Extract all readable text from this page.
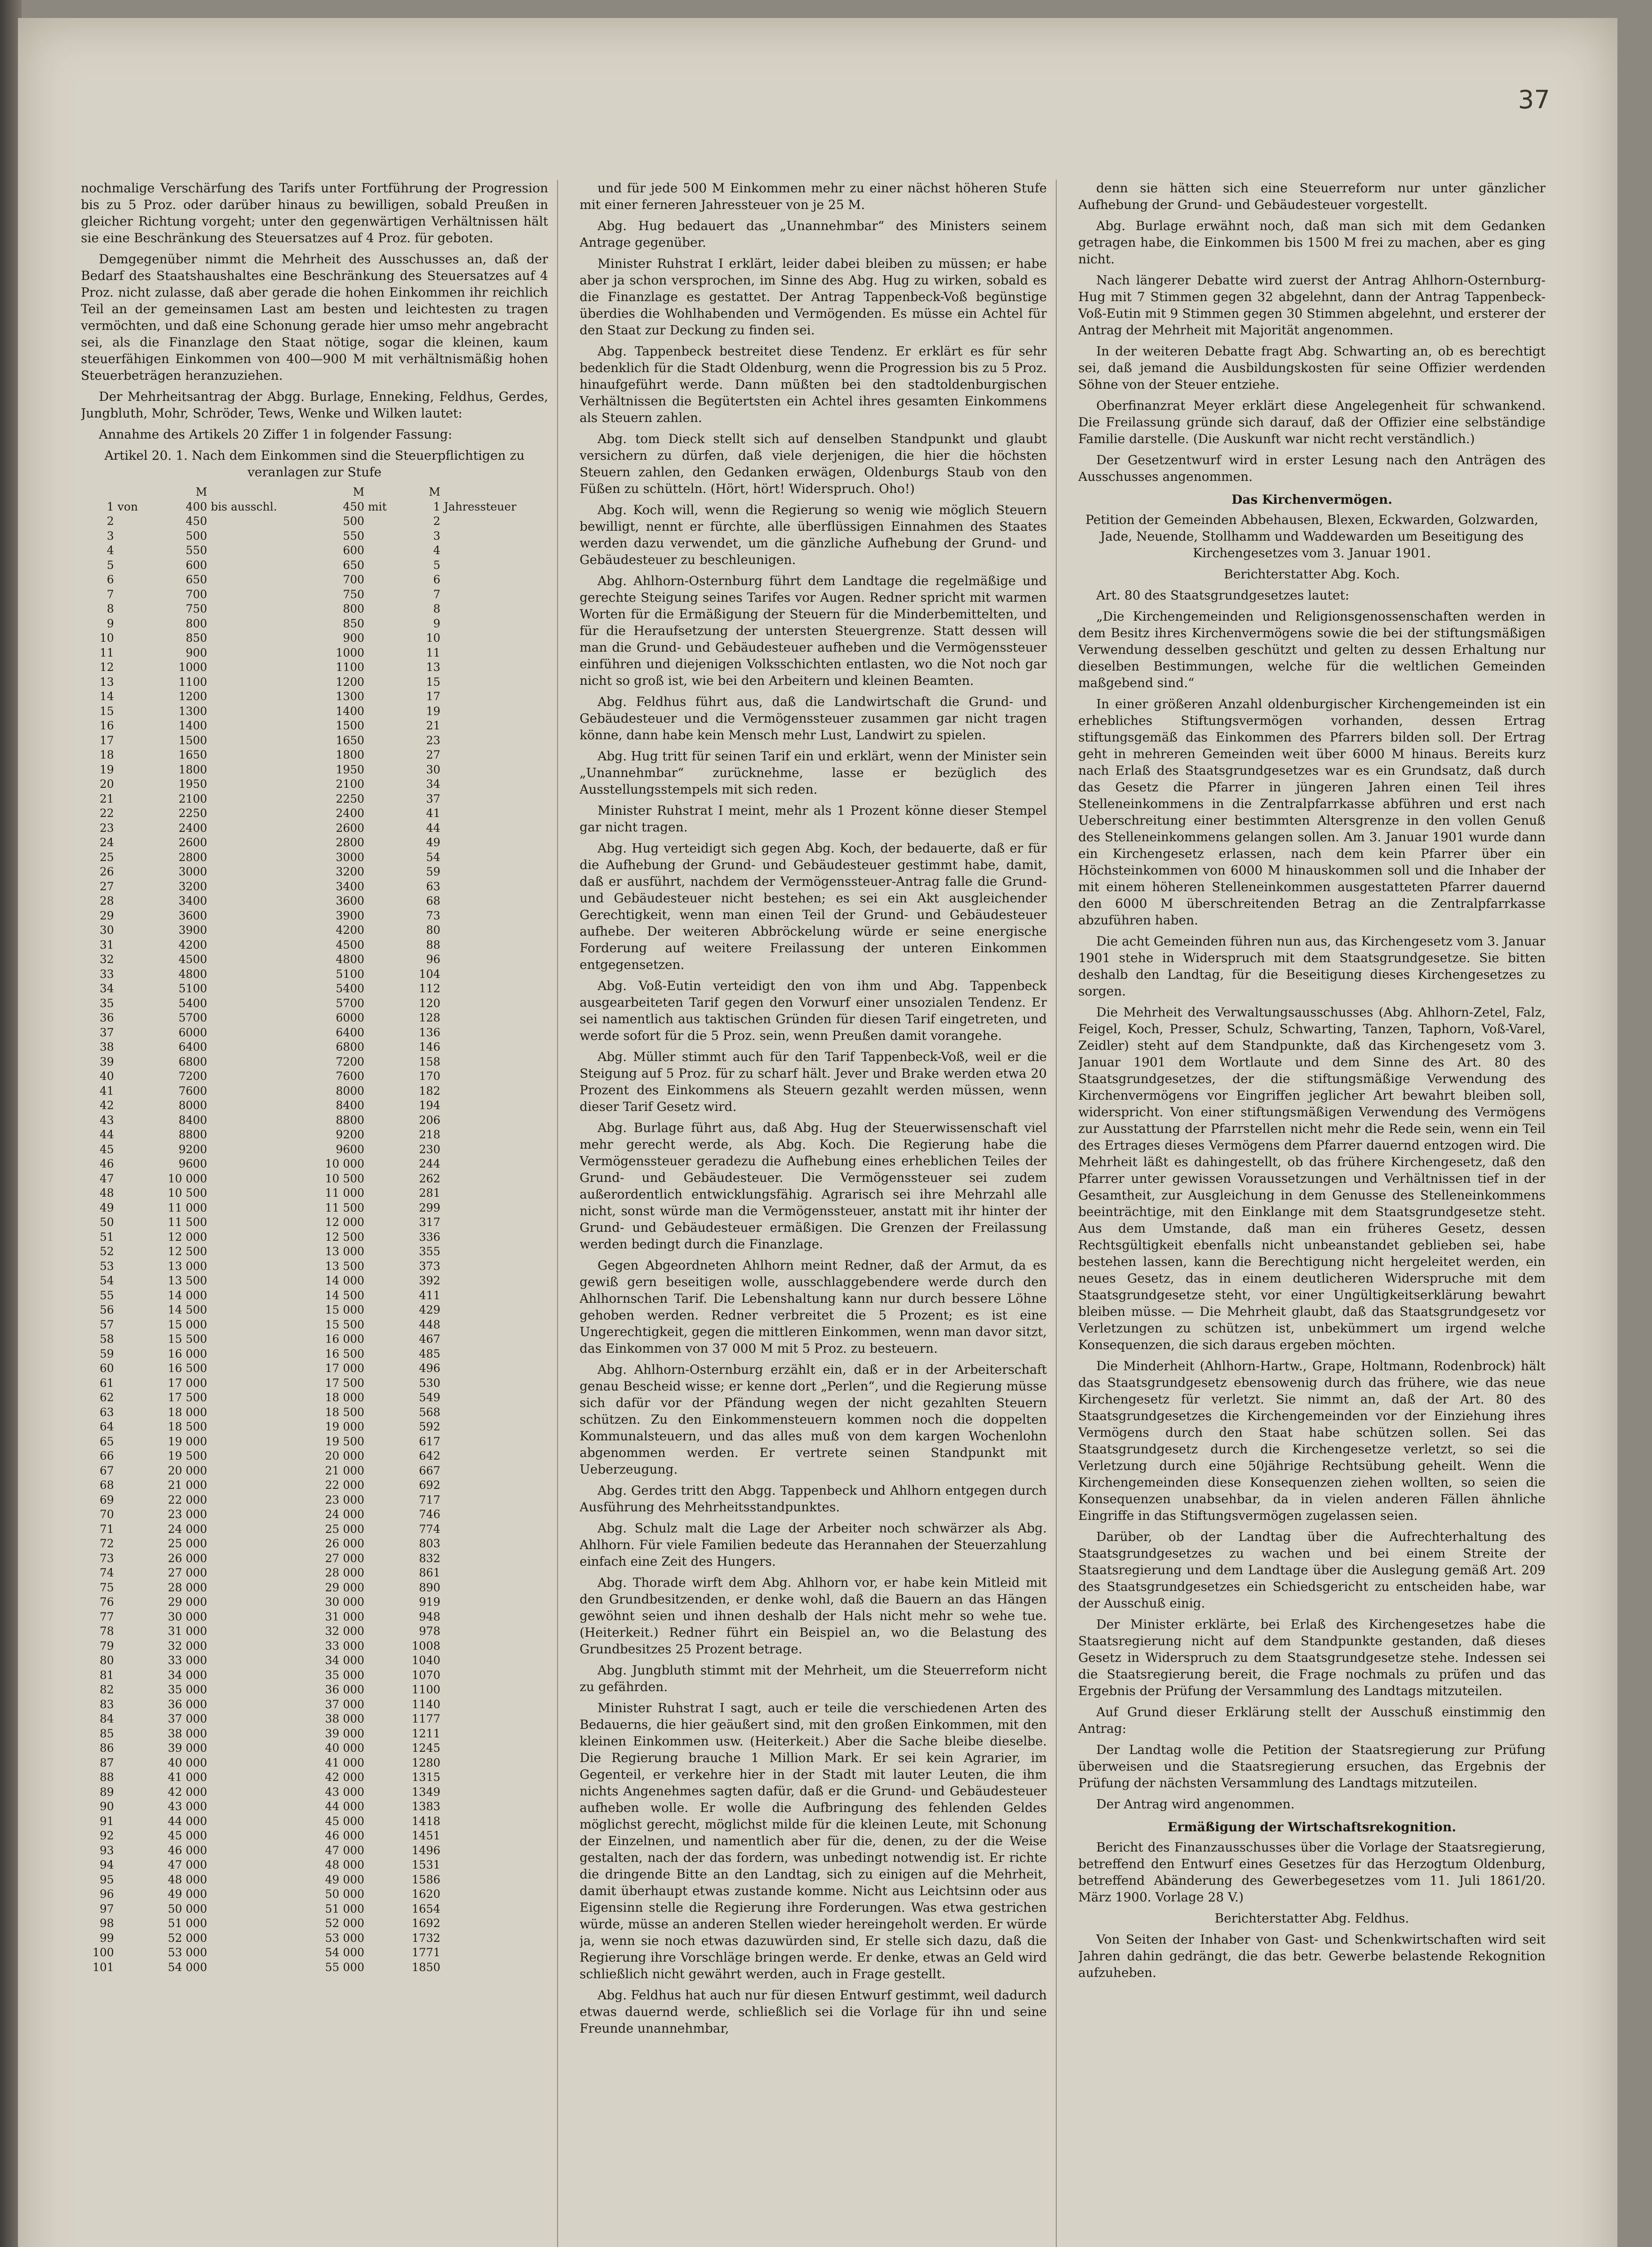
37

nochmalige Verschärfung des Tarifs unter Fortführung der Progression bis zu 5 Proz. oder darüber hinaus zu bewilligen, sobald Preußen in gleicher Richtung vorgeht; unter den gegenwärtigen Verhältnissen hält sie eine Beschränkung des Steuersatzes auf 4 Proz. für geboten.

Demgegenüber nimmt die Mehrheit des Ausschusses an, daß der Bedarf des Staatshaushaltes eine Beschränkung des Steuersatzes auf 4 Proz. nicht zulasse, daß aber gerade die hohen Einkommen ihr reichlich Teil an der gemeinsamen Last am besten und leichtesten zu tragen vermöchten, und daß eine Schonung gerade hier umso mehr angebracht sei, als die Finanzlage den Staat nötige, sogar die kleinen, kaum steuerfähigen Einkommen von 400—900 M mit verhältnismäßig hohen Steuerbeträgen heranzuziehen.

Der Mehrheitsantrag der Abgg. Burlage, Enneking, Feldhus, Gerdes, Jungbluth, Mohr, Schröder, Tews, Wenke und Wilken lautet:

Annahme des Artikels 20 Ziffer 1 in folgender Fassung:

Artikel 20. 1. Nach dem Einkommen sind die Steuerpflichtigen zu veranlagen zur Stufe

		M		M		M	
1	von	400	bis ausschl.	450	mit	1	Jahressteuer
2		450		500		2	
3		500		550		3	
4		550		600		4	
5		600		650		5	
6		650		700		6	
7		700		750		7	
8		750		800		8	
9		800		850		9	
10		850		900		10	
11		900		1000		11	
12		1000		1100		13	
13		1100		1200		15	
14		1200		1300		17	
15		1300		1400		19	
16		1400		1500		21	
17		1500		1650		23	
18		1650		1800		27	
19		1800		1950		30	
20		1950		2100		34	
21		2100		2250		37	
22		2250		2400		41	
23		2400		2600		44	
24		2600		2800		49	
25		2800		3000		54	
26		3000		3200		59	
27		3200		3400		63	
28		3400		3600		68	
29		3600		3900		73	
30		3900		4200		80	
31		4200		4500		88	
32		4500		4800		96	
33		4800		5100		104	
34		5100		5400		112	
35		5400		5700		120	
36		5700		6000		128	
37		6000		6400		136	
38		6400		6800		146	
39		6800		7200		158	
40		7200		7600		170	
41		7600		8000		182	
42		8000		8400		194	
43		8400		8800		206	
44		8800		9200		218	
45		9200		9600		230	
46		9600		10 000		244	
47		10 000		10 500		262	
48		10 500		11 000		281	
49		11 000		11 500		299	
50		11 500		12 000		317	
51		12 000		12 500		336	
52		12 500		13 000		355	
53		13 000		13 500		373	
54		13 500		14 000		392	
55		14 000		14 500		411	
56		14 500		15 000		429	
57		15 000		15 500		448	
58		15 500		16 000		467	
59		16 000		16 500		485	
60		16 500		17 000		496	
61		17 000		17 500		530	
62		17 500		18 000		549	
63		18 000		18 500		568	
64		18 500		19 000		592	
65		19 000		19 500		617	
66		19 500		20 000		642	
67		20 000		21 000		667	
68		21 000		22 000		692	
69		22 000		23 000		717	
70		23 000		24 000		746	
71		24 000		25 000		774	
72		25 000		26 000		803	
73		26 000		27 000		832	
74		27 000		28 000		861	
75		28 000		29 000		890	
76		29 000		30 000		919	
77		30 000		31 000		948	
78		31 000		32 000		978	
79		32 000		33 000		1008	
80		33 000		34 000		1040	
81		34 000		35 000		1070	
82		35 000		36 000		1100	
83		36 000		37 000		1140	
84		37 000		38 000		1177	
85		38 000		39 000		1211	
86		39 000		40 000		1245	
87		40 000		41 000		1280	
88		41 000		42 000		1315	
89		42 000		43 000		1349	
90		43 000		44 000		1383	
91		44 000		45 000		1418	
92		45 000		46 000		1451	
93		46 000		47 000		1496	
94		47 000		48 000		1531	
95		48 000		49 000		1586	
96		49 000		50 000		1620	
97		50 000		51 000		1654	
98		51 000		52 000		1692	
99		52 000		53 000		1732	
100		53 000		54 000		1771	
101		54 000		55 000		1850	

und für jede 500 M Einkommen mehr zu einer nächst höheren Stufe mit einer ferneren Jahressteuer von je 25 M.

Abg. Hug bedauert das „Unannehmbar“ des Ministers seinem Antrage gegenüber.

Minister Ruhstrat I erklärt, leider dabei bleiben zu müssen; er habe aber ja schon versprochen, im Sinne des Abg. Hug zu wirken, sobald es die Finanzlage es gestattet. Der Antrag Tappenbeck-Voß begünstige überdies die Wohlhabenden und Vermögenden. Es müsse ein Achtel für den Staat zur Deckung zu finden sei.

Abg. Tappenbeck bestreitet diese Tendenz. Er erklärt es für sehr bedenklich für die Stadt Oldenburg, wenn die Progression bis zu 5 Proz. hinaufgeführt werde. Dann müßten bei den stadtoldenburgischen Verhältnissen die Begütertsten ein Achtel ihres gesamten Einkommens als Steuern zahlen.

Abg. tom Dieck stellt sich auf denselben Standpunkt und glaubt versichern zu dürfen, daß viele derjenigen, die hier die höchsten Steuern zahlen, den Gedanken erwägen, Oldenburgs Staub von den Füßen zu schütteln. (Hört, hört! Widerspruch. Oho!)

Abg. Koch will, wenn die Regierung so wenig wie möglich Steuern bewilligt, nennt er fürchte, alle überflüssigen Einnahmen des Staates werden dazu verwendet, um die gänzliche Aufhebung der Grund- und Gebäudesteuer zu beschleunigen.

Abg. Ahlhorn-Osternburg führt dem Landtage die regelmäßige und gerechte Steigung seines Tarifes vor Augen. Redner spricht mit warmen Worten für die Ermäßigung der Steuern für die Minderbemittelten, und für die Heraufsetzung der untersten Steuergrenze. Statt dessen will man die Grund- und Gebäudesteuer aufheben und die Vermögenssteuer einführen und diejenigen Volksschichten entlasten, wo die Not noch gar nicht so groß ist, wie bei den Arbeitern und kleinen Beamten.

Abg. Feldhus führt aus, daß die Landwirtschaft die Grund- und Gebäudesteuer und die Vermögenssteuer zusammen gar nicht tragen könne, dann habe kein Mensch mehr Lust, Landwirt zu spielen.

Abg. Hug tritt für seinen Tarif ein und erklärt, wenn der Minister sein „Unannehmbar“ zurücknehme, lasse er bezüglich des Ausstellungsstempels mit sich reden.

Minister Ruhstrat I meint, mehr als 1 Prozent könne dieser Stempel gar nicht tragen.

Abg. Hug verteidigt sich gegen Abg. Koch, der bedauerte, daß er für die Aufhebung der Grund- und Gebäudesteuer gestimmt habe, damit, daß er ausführt, nachdem der Vermögenssteuer-Antrag falle die Grund- und Gebäudesteuer nicht bestehen; es sei ein Akt ausgleichender Gerechtigkeit, wenn man einen Teil der Grund- und Gebäudesteuer aufhebe. Der weiteren Abbröckelung würde er seine energische Forderung auf weitere Freilassung der unteren Einkommen entgegensetzen.

Abg. Voß-Eutin verteidigt den von ihm und Abg. Tappenbeck ausgearbeiteten Tarif gegen den Vorwurf einer unsozialen Tendenz. Er sei namentlich aus taktischen Gründen für diesen Tarif eingetreten, und werde sofort für die 5 Proz. sein, wenn Preußen damit vorangehe.

Abg. Müller stimmt auch für den Tarif Tappenbeck-Voß, weil er die Steigung auf 5 Proz. für zu scharf hält. Jever und Brake werden etwa 20 Prozent des Einkommens als Steuern gezahlt werden müssen, wenn dieser Tarif Gesetz wird.

Abg. Burlage führt aus, daß Abg. Hug der Steuerwissenschaft viel mehr gerecht werde, als Abg. Koch. Die Regierung habe die Vermögenssteuer geradezu die Aufhebung eines erheblichen Teiles der Grund- und Gebäudesteuer. Die Vermögenssteuer sei zudem außerordentlich entwicklungsfähig. Agrarisch sei ihre Mehrzahl alle nicht, sonst würde man die Vermögenssteuer, anstatt mit ihr hinter der Grund- und Gebäudesteuer ermäßigen. Die Grenzen der Freilassung werden bedingt durch die Finanzlage.

Gegen Abgeordneten Ahlhorn meint Redner, daß der Armut, da es gewiß gern beseitigen wolle, ausschlaggebendere werde durch den Ahlhornschen Tarif. Die Lebenshaltung kann nur durch bessere Löhne gehoben werden. Redner verbreitet die 5 Prozent; es ist eine Ungerechtigkeit, gegen die mittleren Einkommen, wenn man davor sitzt, das Einkommen von 37 000 M mit 5 Proz. zu besteuern.

Abg. Ahlhorn-Osternburg erzählt ein, daß er in der Arbeiterschaft genau Bescheid wisse; er kenne dort „Perlen“, und die Regierung müsse sich dafür vor der Pfändung wegen der nicht gezahlten Steuern schützen. Zu den Einkommensteuern kommen noch die doppelten Kommunalsteuern, und das alles muß von dem kargen Wochenlohn abgenommen werden. Er vertrete seinen Standpunkt mit Ueberzeugung.

Abg. Gerdes tritt den Abgg. Tappenbeck und Ahlhorn entgegen durch Ausführung des Mehrheitsstandpunktes.

Abg. Schulz malt die Lage der Arbeiter noch schwärzer als Abg. Ahlhorn. Für viele Familien bedeute das Herannahen der Steuerzahlung einfach eine Zeit des Hungers.

Abg. Thorade wirft dem Abg. Ahlhorn vor, er habe kein Mitleid mit den Grundbesitzenden, er denke wohl, daß die Bauern an das Hängen gewöhnt seien und ihnen deshalb der Hals nicht mehr so wehe tue. (Heiterkeit.) Redner führt ein Beispiel an, wo die Belastung des Grundbesitzes 25 Prozent betrage.

Abg. Jungbluth stimmt mit der Mehrheit, um die Steuerreform nicht zu gefährden.

Minister Ruhstrat I sagt, auch er teile die verschiedenen Arten des Bedauerns, die hier geäußert sind, mit den großen Einkommen, mit den kleinen Einkommen usw. (Heiterkeit.) Aber die Sache bleibe dieselbe. Die Regierung brauche 1 Million Mark. Er sei kein Agrarier, im Gegenteil, er verkehre hier in der Stadt mit lauter Leuten, die ihm nichts Angenehmes sagten dafür, daß er die Grund- und Gebäudesteuer aufheben wolle. Er wolle die Aufbringung des fehlenden Geldes möglichst gerecht, möglichst milde für die kleinen Leute, mit Schonung der Einzelnen, und namentlich aber für die, denen, zu der die Weise gestalten, nach der das fordern, was unbedingt notwendig ist. Er richte die dringende Bitte an den Landtag, sich zu einigen auf die Mehrheit, damit überhaupt etwas zustande komme. Nicht aus Leichtsinn oder aus Eigensinn stelle die Regierung ihre Forderungen. Was etwa gestrichen würde, müsse an anderen Stellen wieder hereingeholt werden. Er würde ja, wenn sie noch etwas dazuwürden sind, Er stelle sich dazu, daß die Regierung ihre Vorschläge bringen werde. Er denke, etwas an Geld wird schließlich nicht gewährt werden, auch in Frage gestellt.

Abg. Feldhus hat auch nur für diesen Entwurf gestimmt, weil dadurch etwas dauernd werde, schließlich sei die Vorlage für ihn und seine Freunde unannehmbar,

denn sie hätten sich eine Steuerreform nur unter gänzlicher Aufhebung der Grund- und Gebäudesteuer vorgestellt.

Abg. Burlage erwähnt noch, daß man sich mit dem Gedanken getragen habe, die Einkommen bis 1500 M frei zu machen, aber es ging nicht.

Nach längerer Debatte wird zuerst der Antrag Ahlhorn-Osternburg-Hug mit 7 Stimmen gegen 32 abgelehnt, dann der Antrag Tappenbeck-Voß-Eutin mit 9 Stimmen gegen 30 Stimmen abgelehnt, und ersterer der Antrag der Mehrheit mit Majorität angenommen.

In der weiteren Debatte fragt Abg. Schwarting an, ob es berechtigt sei, daß jemand die Ausbildungskosten für seine Offizier werdenden Söhne von der Steuer entziehe.

Oberfinanzrat Meyer erklärt diese Angelegenheit für schwankend. Die Freilassung gründe sich darauf, daß der Offizier eine selbständige Familie darstelle. (Die Auskunft war nicht recht verständlich.)

Der Gesetzentwurf wird in erster Lesung nach den Anträgen des Ausschusses angenommen.

Das Kirchenvermögen.

Petition der Gemeinden Abbehausen, Blexen, Eckwarden, Golzwarden, Jade, Neuende, Stollhamm und Waddewarden um Beseitigung des Kirchengesetzes vom 3. Januar 1901.

Berichterstatter Abg. Koch.

Art. 80 des Staatsgrundgesetzes lautet:

„Die Kirchengemeinden und Religionsgenossenschaften werden in dem Besitz ihres Kirchenvermögens sowie die bei der stiftungsmäßigen Verwendung desselben geschützt und gelten zu dessen Erhaltung nur dieselben Bestimmungen, welche für die weltlichen Gemeinden maßgebend sind.“

In einer größeren Anzahl oldenburgischer Kirchengemeinden ist ein erhebliches Stiftungsvermögen vorhanden, dessen Ertrag stiftungsgemäß das Einkommen des Pfarrers bilden soll. Der Ertrag geht in mehreren Gemeinden weit über 6000 M hinaus. Bereits kurz nach Erlaß des Staatsgrundgesetzes war es ein Grundsatz, daß durch das Gesetz die Pfarrer in jüngeren Jahren einen Teil ihres Stelleneinkommens in die Zentralpfarrkasse abführen und erst nach Ueberschreitung einer bestimmten Altersgrenze in den vollen Genuß des Stelleneinkommens gelangen sollen. Am 3. Januar 1901 wurde dann ein Kirchengesetz erlassen, nach dem kein Pfarrer über ein Höchsteinkommen von 6000 M hinauskommen soll und die Inhaber der mit einem höheren Stelleneinkommen ausgestatteten Pfarrer dauernd den 6000 M überschreitenden Betrag an die Zentralpfarrkasse abzuführen haben.

Die acht Gemeinden führen nun aus, das Kirchengesetz vom 3. Januar 1901 stehe in Widerspruch mit dem Staatsgrundgesetze. Sie bitten deshalb den Landtag, für die Beseitigung dieses Kirchengesetzes zu sorgen.

Die Mehrheit des Verwaltungsausschusses (Abg. Ahlhorn-Zetel, Falz, Feigel, Koch, Presser, Schulz, Schwarting, Tanzen, Taphorn, Voß-Varel, Zeidler) steht auf dem Standpunkte, daß das Kirchengesetz vom 3. Januar 1901 dem Wortlaute und dem Sinne des Art. 80 des Staatsgrundgesetzes, der die stiftungsmäßige Verwendung des Kirchenvermögens vor Eingriffen jeglicher Art bewahrt bleiben soll, widerspricht. Von einer stiftungsmäßigen Verwendung des Vermögens zur Ausstattung der Pfarrstellen nicht mehr die Rede sein, wenn ein Teil des Ertrages dieses Vermögens dem Pfarrer dauernd entzogen wird. Die Mehrheit läßt es dahingestellt, ob das frühere Kirchengesetz, daß den Pfarrer unter gewissen Voraussetzungen und Verhältnissen tief in der Gesamtheit, zur Ausgleichung in dem Genusse des Stelleneinkommens beeinträchtige, mit den Einklange mit dem Staatsgrundgesetze steht. Aus dem Umstande, daß man ein früheres Gesetz, dessen Rechtsgültigkeit ebenfalls nicht unbeanstandet geblieben sei, habe bestehen lassen, kann die Berechtigung nicht hergeleitet werden, ein neues Gesetz, das in einem deutlicheren Widerspruche mit dem Staatsgrundgesetze steht, vor einer Ungültigkeitserklärung bewahrt bleiben müsse. — Die Mehrheit glaubt, daß das Staatsgrundgesetz vor Verletzungen zu schützen ist, unbekümmert um irgend welche Konsequenzen, die sich daraus ergeben möchten.

Die Minderheit (Ahlhorn-Hartw., Grape, Holtmann, Rodenbrock) hält das Staatsgrundgesetz ebensowenig durch das frühere, wie das neue Kirchengesetz für verletzt. Sie nimmt an, daß der Art. 80 des Staatsgrundgesetzes die Kirchengemeinden vor der Einziehung ihres Vermögens durch den Staat habe schützen sollen. Sei das Staatsgrundgesetz durch die Kirchengesetze verletzt, so sei die Verletzung durch eine 50jährige Rechtsübung geheilt. Wenn die Kirchengemeinden diese Konsequenzen ziehen wollten, so seien die Konsequenzen unabsehbar, da in vielen anderen Fällen ähnliche Eingriffe in das Stiftungsvermögen zugelassen seien.

Darüber, ob der Landtag über die Aufrechterhaltung des Staatsgrundgesetzes zu wachen und bei einem Streite der Staatsregierung und dem Landtage über die Auslegung gemäß Art. 209 des Staatsgrundgesetzes ein Schiedsgericht zu entscheiden habe, war der Ausschuß einig.

Der Minister erklärte, bei Erlaß des Kirchengesetzes habe die Staatsregierung nicht auf dem Standpunkte gestanden, daß dieses Gesetz in Widerspruch zu dem Staatsgrundgesetze stehe. Indessen sei die Staatsregierung bereit, die Frage nochmals zu prüfen und das Ergebnis der Prüfung der Versammlung des Landtags mitzuteilen.

Auf Grund dieser Erklärung stellt der Ausschuß einstimmig den Antrag:

Der Landtag wolle die Petition der Staatsregierung zur Prüfung überweisen und die Staatsregierung ersuchen, das Ergebnis der Prüfung der nächsten Versammlung des Landtags mitzuteilen.

Der Antrag wird angenommen.

Ermäßigung der Wirtschaftsrekognition.

Bericht des Finanzausschusses über die Vorlage der Staatsregierung, betreffend den Entwurf eines Gesetzes für das Herzogtum Oldenburg, betreffend Abänderung des Gewerbegesetzes vom 11. Juli 1861/20. März 1900. Vorlage 28 V.)

Berichterstatter Abg. Feldhus.

Von Seiten der Inhaber von Gast- und Schenkwirtschaften wird seit Jahren dahin gedrängt, die das betr. Gewerbe belastende Rekognition aufzuheben.
